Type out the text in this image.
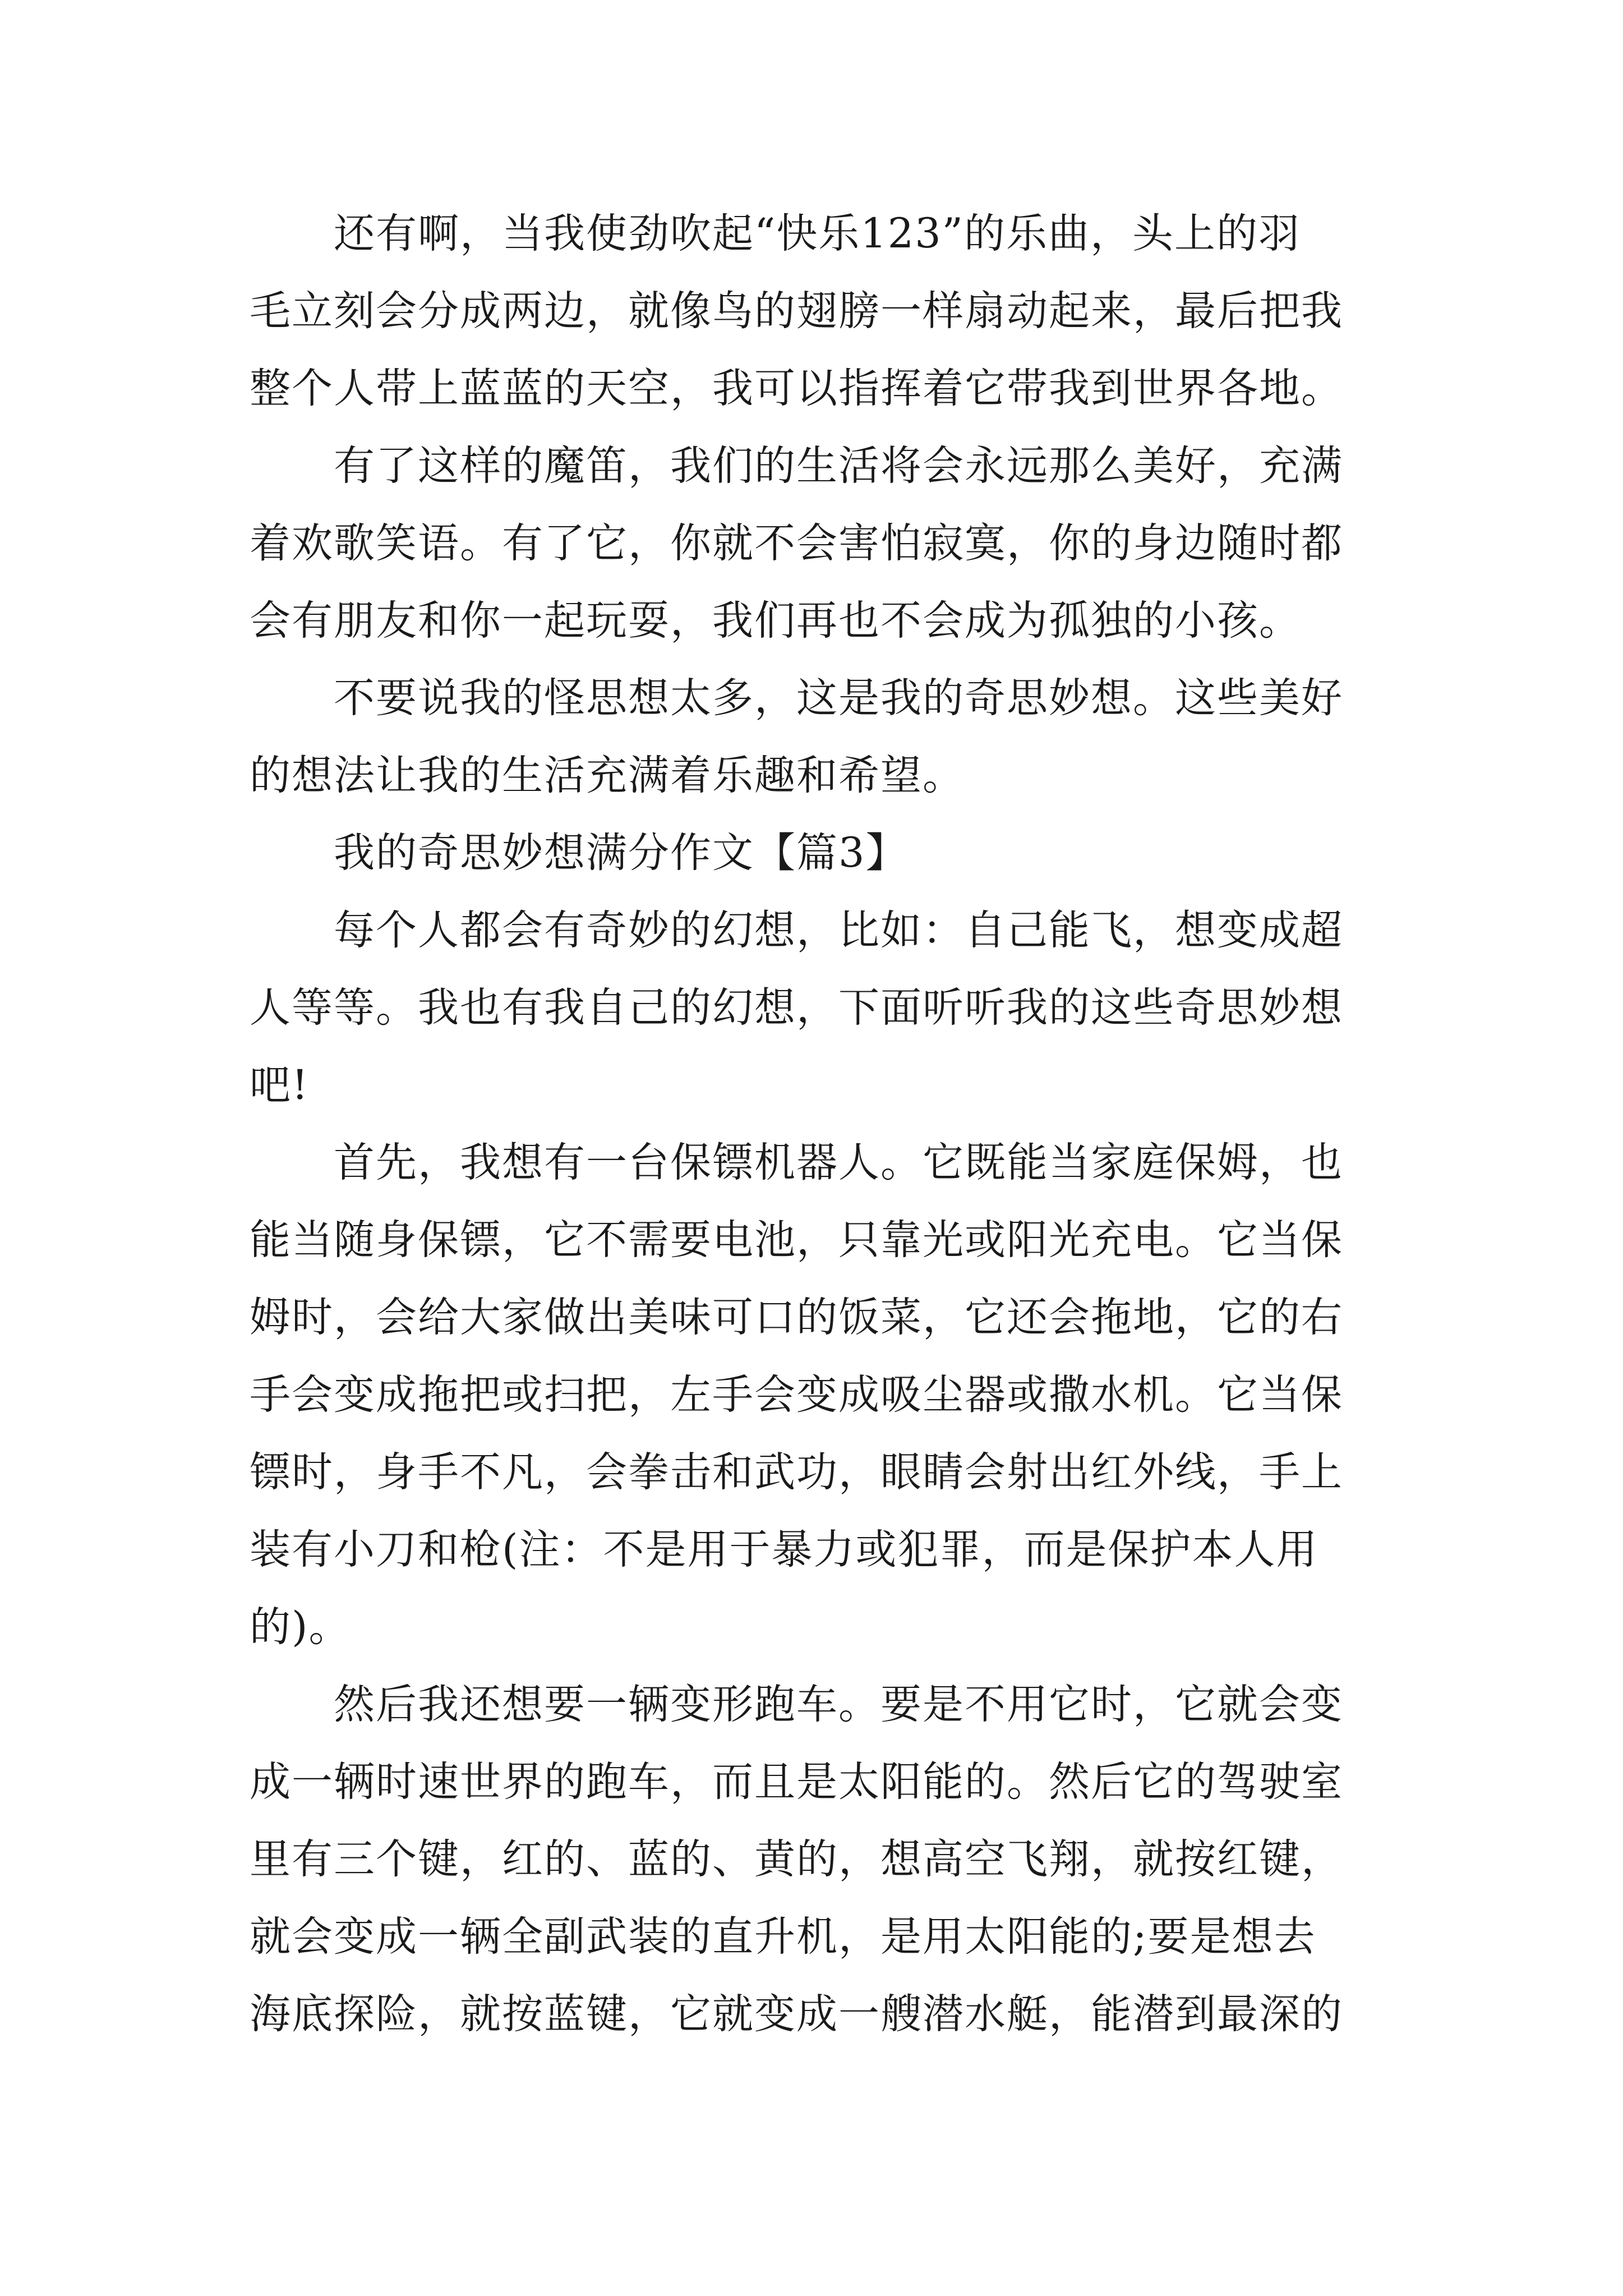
还有啊，当我使劲吹起“快乐123”的乐曲，头上的羽

毛立刻会分成两边，就像鸟的翅膀一样扇动起来，最后把我

整个人带上蓝蓝的天空，我可以指挥着它带我到世界各地。

有了这样的魔笛，我们的生活将会永远那么美好，充满

着欢歌笑语。有了它，你就不会害怕寂寞，你的身边随时都

会有朋友和你一起玩耍，我们再也不会成为孤独的小孩。

不要说我的怪思想太多，这是我的奇思妙想。这些美好

的想法让我的生活充满着乐趣和希望。

我的奇思妙想满分作文【篇3】

每个人都会有奇妙的幻想，比如：自己能飞，想变成超

人等等。我也有我自己的幻想，下面听听我的这些奇思妙想

吧!

首先，我想有一台保镖机器人。它既能当家庭保姆，也

能当随身保镖，它不需要电池，只靠光或阳光充电。它当保

姆时，会给大家做出美味可口的饭菜，它还会拖地，它的右

手会变成拖把或扫把，左手会变成吸尘器或撒水机。它当保

镖时，身手不凡，会拳击和武功，眼睛会射出红外线，手上

装有小刀和枪(注：不是用于暴力或犯罪，而是保护本人用

的)。

然后我还想要一辆变形跑车。要是不用它时，它就会变

成一辆时速世界的跑车，而且是太阳能的。然后它的驾驶室

里有三个键，红的、蓝的、黄的，想高空飞翔，就按红键，

就会变成一辆全副武装的直升机，是用太阳能的;要是想去

海底探险，就按蓝键，它就变成一艘潜水艇，能潜到最深的
